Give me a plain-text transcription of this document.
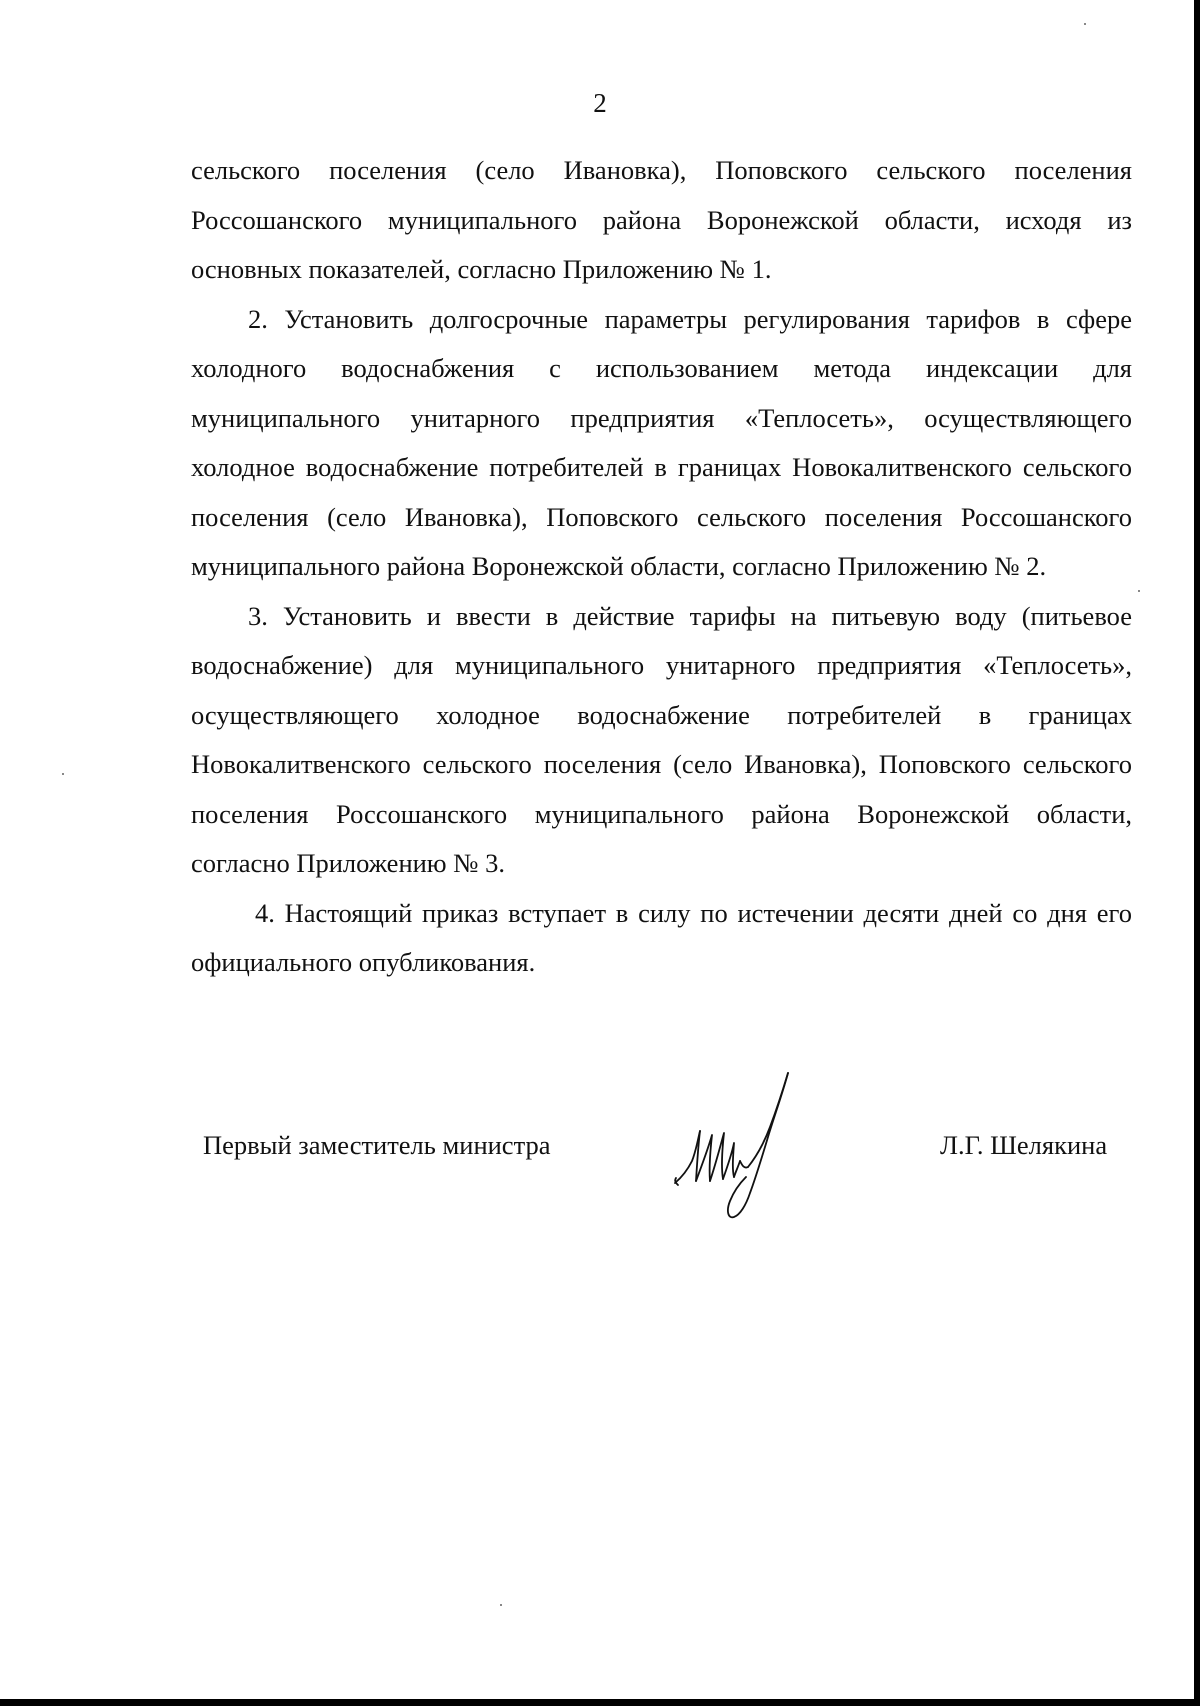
2

сельского поселения (село Ивановка), Поповского сельского поселения Россошанского муниципального района Воронежской области, исходя из основных показателей, согласно Приложению № 1.

2. Установить долгосрочные параметры регулирования тарифов в сфере холодного водоснабжения с использованием метода индексации для муниципального унитарного предприятия «Теплосеть», осуществляющего холодное водоснабжение потребителей в границах Новокалитвенского сельского поселения (село Ивановка), Поповского сельского поселения Россошанского муниципального района Воронежской области, согласно Приложению № 2.

3. Установить и ввести в действие тарифы на питьевую воду (питьевое водоснабжение) для муниципального унитарного предприятия «Теплосеть», осуществляющего холодное водоснабжение потребителей в границах Новокалитвенского сельского поселения (село Ивановка), Поповского сельского поселения Россошанского муниципального района Воронежской области, согласно Приложению № 3.

4. Настоящий приказ вступает в силу по истечении десяти дней со дня его официального опубликования.

Первый заместитель министра	Л.Г. Шелякина
